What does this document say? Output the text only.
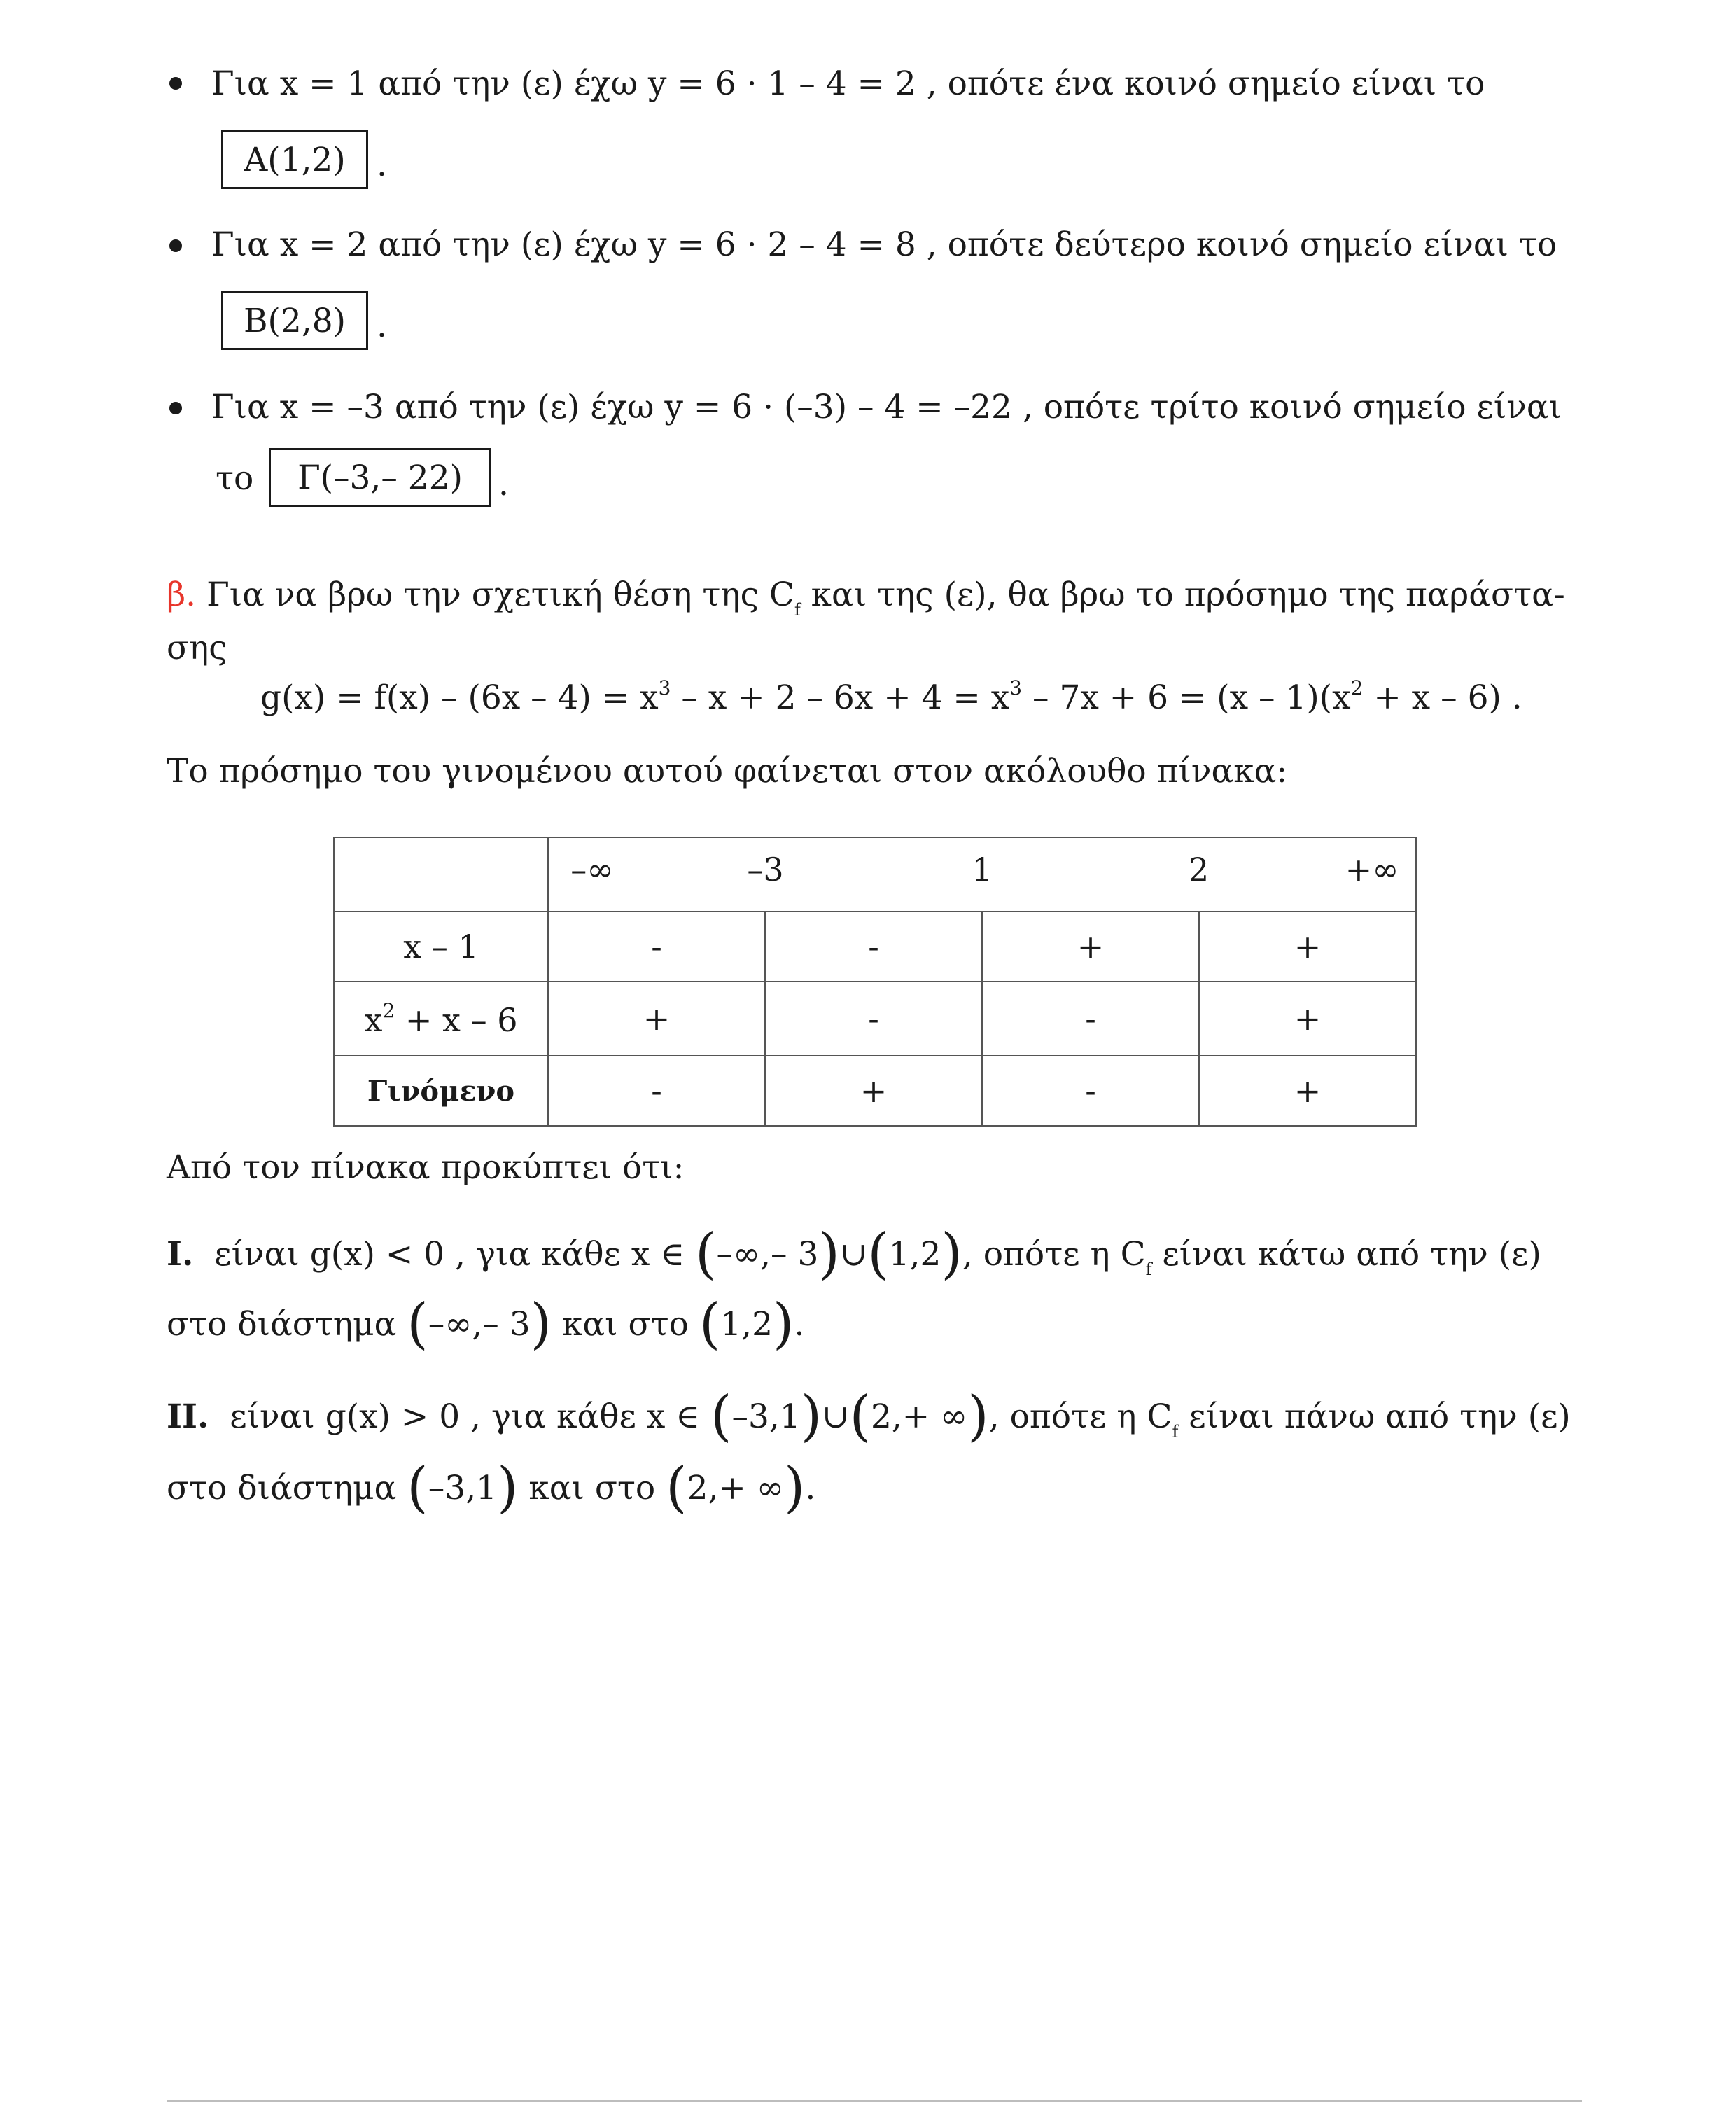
Για x = 1 από την (ε) έχω y = 6 · 1 – 4 = 2 , οπότε ένα κοινό σημείο είναι το
A(1,2) .
Για x = 2 από την (ε) έχω y = 6 · 2 – 4 = 8 , οπότε δεύτερο κοινό σημείο είναι το
B(2,8) .
Για x = –3 από την (ε) έχω y = 6 · (–3) – 4 = –22 , οπότε τρίτο κοινό σημείο είναι
το Γ(–3,– 22) .
β. Για να βρω την σχετική θέση της $C_f$ και της (ε), θα βρω το πρόσημο της παράστα-
σης
$g(x) = f(x) - (6x - 4) = x^3 - x + 2 - 6x + 4 = x^3 - 7x + 6 = (x - 1)(x^2 + x - 6)$ .
Το πρόσημο του γινομένου αυτού φαίνεται στον ακόλουθο πίνακα:

	–∞ –3 1 2 +∞			

x – 1	-	-	+	+
$x^2 + x - 6$	+	-	-	+
Γινόμενο	-	+	-	+
Από τον πίνακα προκύπτει ότι:
I. είναι g(x) < 0 , για κάθε x ∈ (–∞,– 3)∪(1,2), οπότε η $C_f$ είναι κάτω από την (ε)
στο διάστημα (–∞,– 3) και στο (1,2).
II. είναι g(x) > 0 , για κάθε x ∈ (–3,1)∪(2,+ ∞), οπότε η $C_f$ είναι πάνω από την (ε)
στο διάστημα (–3,1) και στο (2,+ ∞).
